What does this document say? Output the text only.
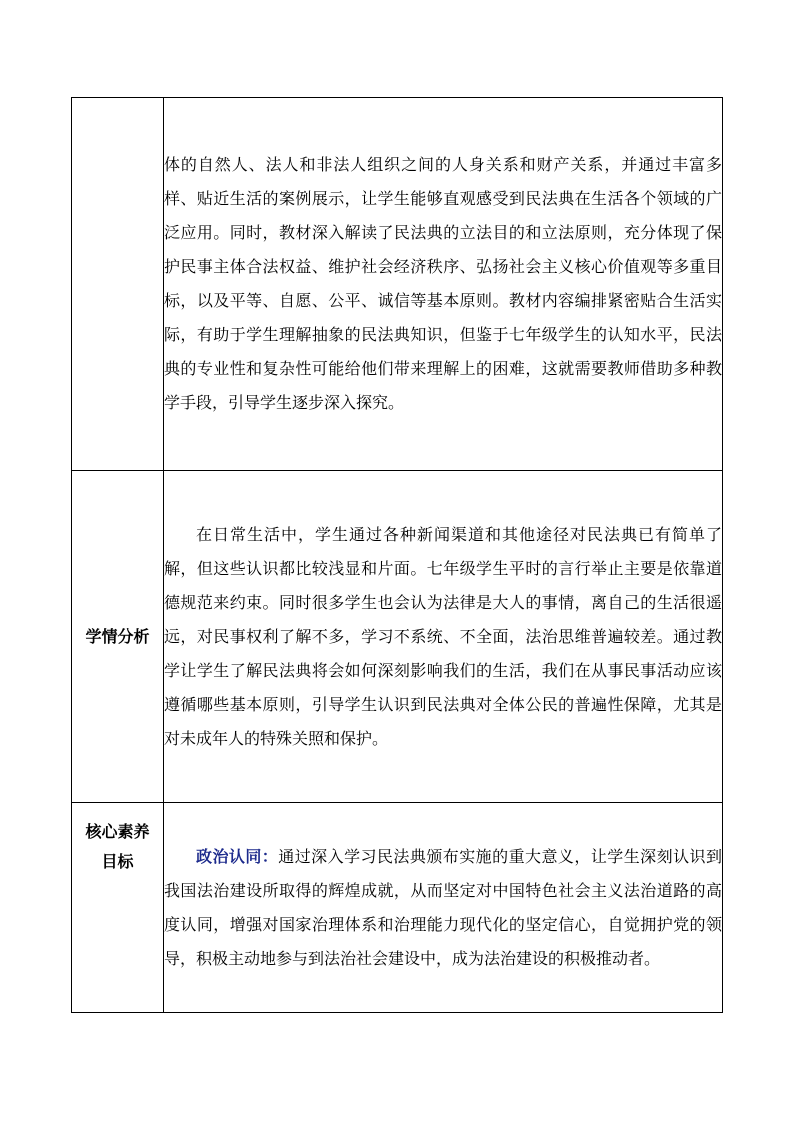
	体的自然人、法人和非法人组织之间的人身关系和财产关系，并通过丰富多样、贴近生活的案例展示，让学生能够直观感受到民法典在生活各个领域的广泛应用。同时，教材深入解读了民法典的立法目的和立法原则，充分体现了保护民事主体合法权益、维护社会经济秩序、弘扬社会主义核心价值观等多重目标，以及平等、自愿、公平、诚信等基本原则。教材内容编排紧密贴合生活实际，有助于学生理解抽象的民法典知识，但鉴于七年级学生的认知水平，民法典的专业性和复杂性可能给他们带来理解上的困难，这就需要教师借助多种教学手段，引导学生逐步深入探究。

学情分析	在日常生活中，学生通过各种新闻渠道和其他途径对民法典已有简单了解，但这些认识都比较浅显和片面。七年级学生平时的言行举止主要是依靠道德规范来约束。同时很多学生也会认为法律是大人的事情，离自己的生活很遥远，对民事权利了解不多，学习不系统、不全面，法治思维普遍较差。通过教学让学生了解民法典将会如何深刻影响我们的生活，我们在从事民事活动应该遵循哪些基本原则，引导学生认识到民法典对全体公民的普遍性保障，尤其是对未成年人的特殊关照和保护。

核心素养
目标	政治认同：通过深入学习民法典颁布实施的重大意义，让学生深刻认识到我国法治建设所取得的辉煌成就，从而坚定对中国特色社会主义法治道路的高度认同，增强对国家治理体系和治理能力现代化的坚定信心，自觉拥护党的领导，积极主动地参与到法治社会建设中，成为法治建设的积极推动者。
